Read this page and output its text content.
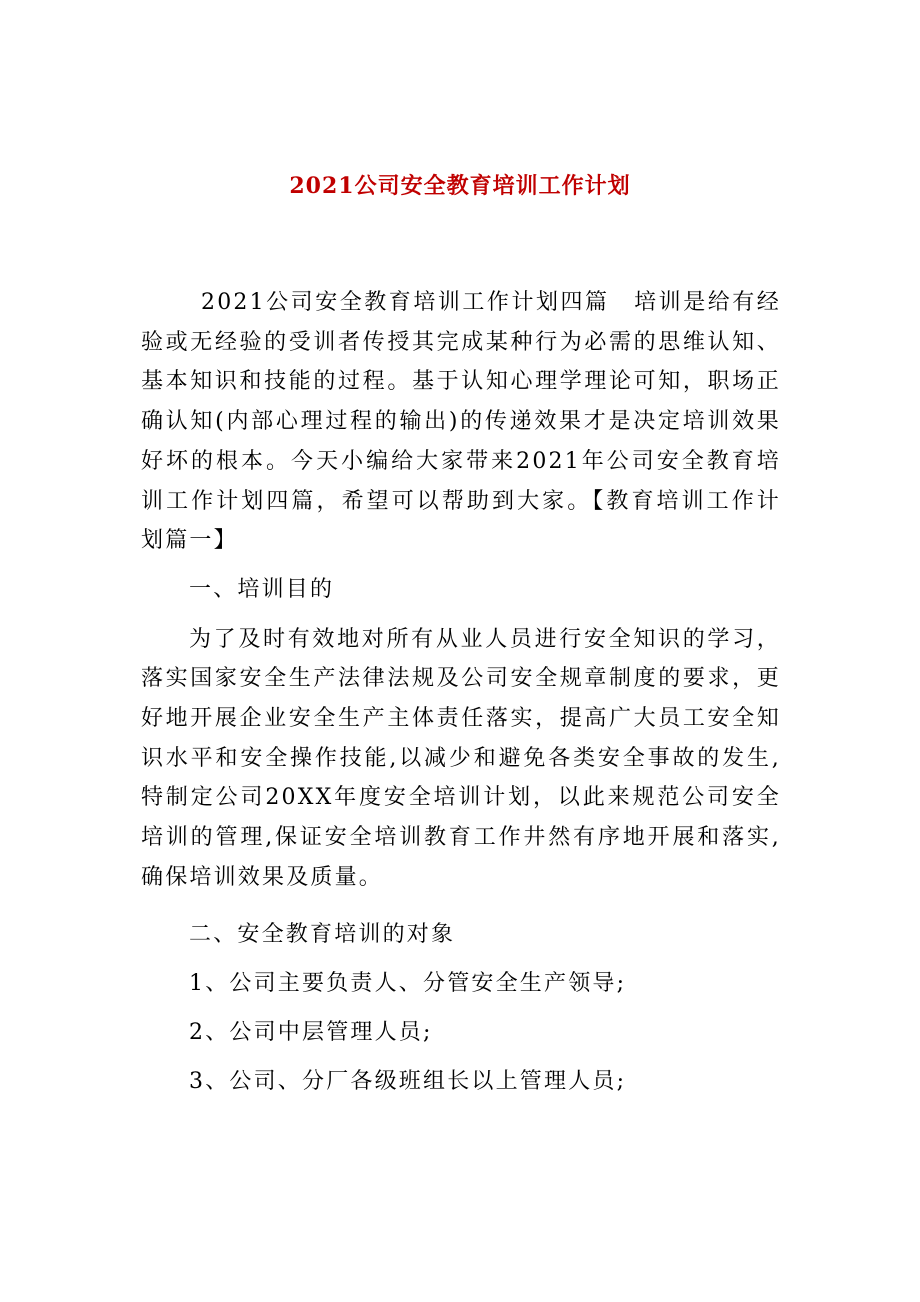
2021公司安全教育培训工作计划

2021公司安全教育培训工作计划四篇　培训是给有经验或无经验的受训者传授其完成某种行为必需的思维认知、基本知识和技能的过程。基于认知心理学理论可知，职场正确认知(内部心理过程的输出)的传递效果才是决定培训效果好坏的根本。今天小编给大家带来2021年公司安全教育培训工作计划四篇，希望可以帮助到大家。【教育培训工作计划篇一】

一、培训目的

为了及时有效地对所有从业人员进行安全知识的学习，落实国家安全生产法律法规及公司安全规章制度的要求，更好地开展企业安全生产主体责任落实，提高广大员工安全知识水平和安全操作技能,以减少和避免各类安全事故的发生,特制定公司20XX年度安全培训计划，以此来规范公司安全培训的管理,保证安全培训教育工作井然有序地开展和落实,确保培训效果及质量。

二、安全教育培训的对象

1、公司主要负责人、分管安全生产领导;

2、公司中层管理人员;

3、公司、分厂各级班组长以上管理人员;
